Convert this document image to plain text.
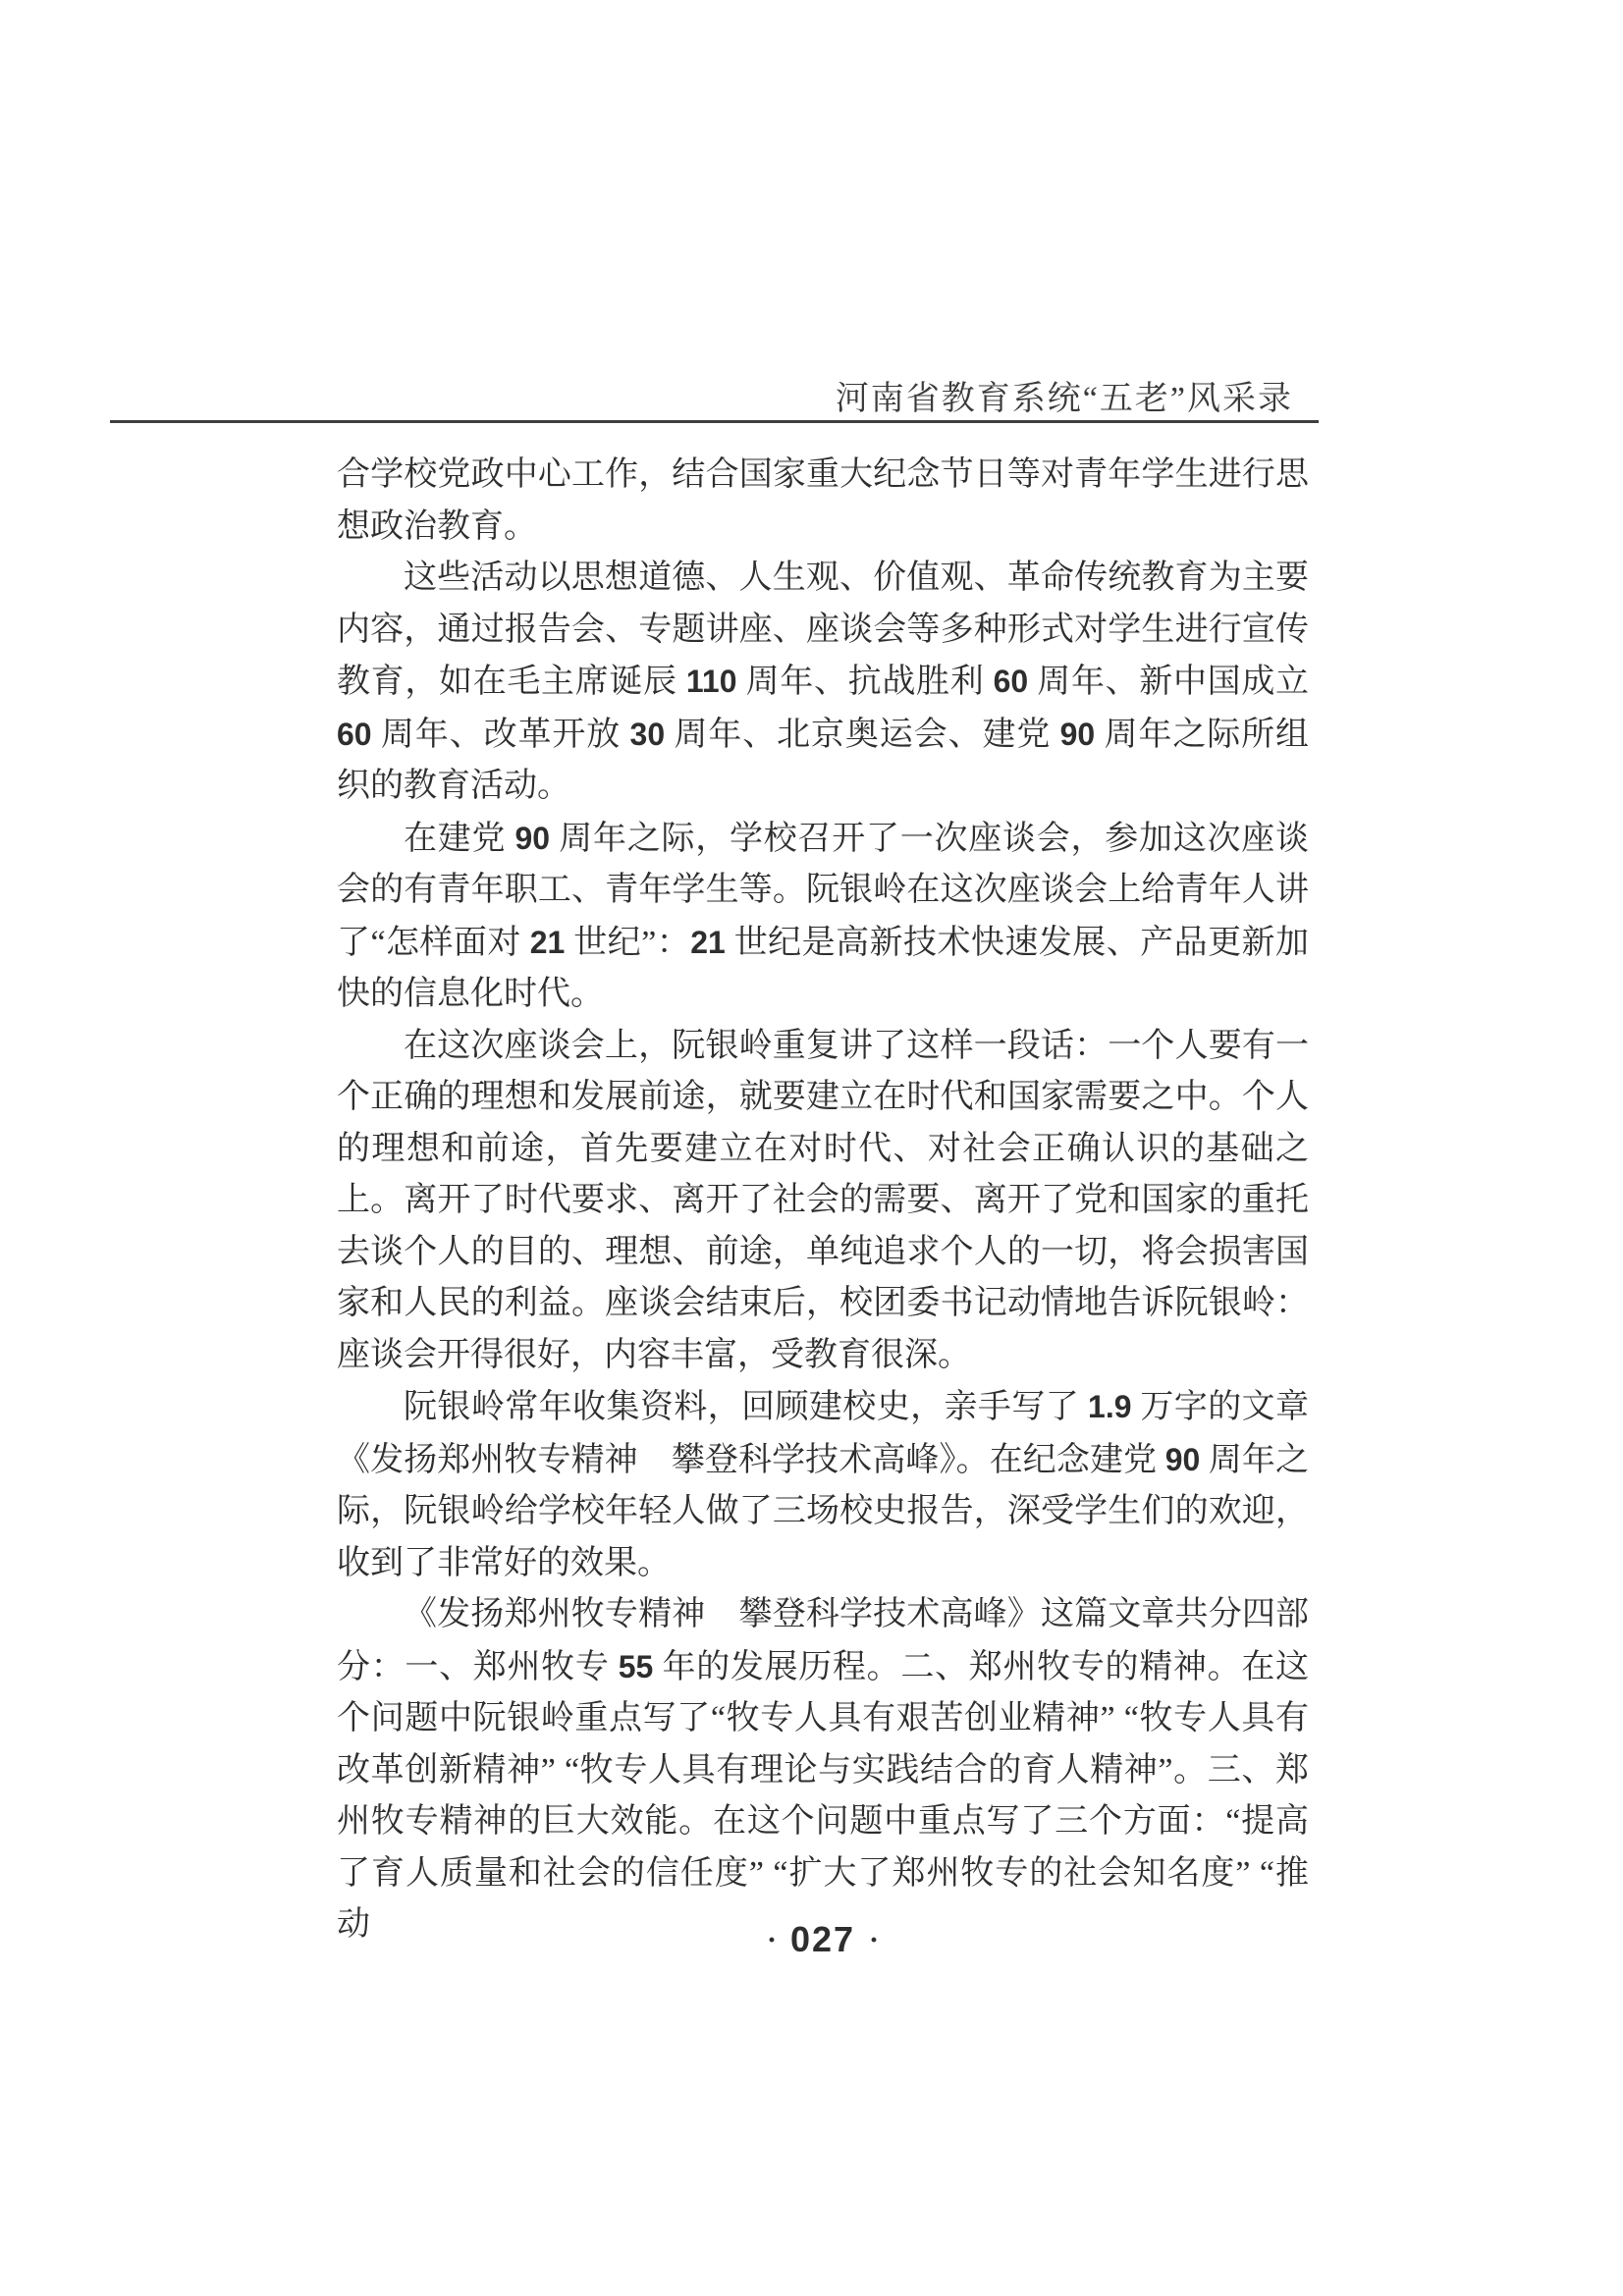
河南省教育系统“五老”风采录

合学校党政中心工作，结合国家重大纪念节日等对青年学生进行思想政治教育。

这些活动以思想道德、人生观、价值观、革命传统教育为主要内容，通过报告会、专题讲座、座谈会等多种形式对学生进行宣传教育，如在毛主席诞辰 110 周年、抗战胜利 60 周年、新中国成立 60 周年、改革开放 30 周年、北京奥运会、建党 90 周年之际所组织的教育活动。

在建党 90 周年之际，学校召开了一次座谈会，参加这次座谈会的有青年职工、青年学生等。阮银岭在这次座谈会上给青年人讲了“怎样面对 21 世纪”：21 世纪是高新技术快速发展、产品更新加快的信息化时代。

在这次座谈会上，阮银岭重复讲了这样一段话：一个人要有一个正确的理想和发展前途，就要建立在时代和国家需要之中。个人的理想和前途，首先要建立在对时代、对社会正确认识的基础之上。离开了时代要求、离开了社会的需要、离开了党和国家的重托去谈个人的目的、理想、前途，单纯追求个人的一切，将会损害国家和人民的利益。座谈会结束后，校团委书记动情地告诉阮银岭：座谈会开得很好，内容丰富，受教育很深。

阮银岭常年收集资料，回顾建校史，亲手写了 1.9 万字的文章《发扬郑州牧专精神　攀登科学技术高峰》。在纪念建党 90 周年之际，阮银岭给学校年轻人做了三场校史报告，深受学生们的欢迎，收到了非常好的效果。

《发扬郑州牧专精神　攀登科学技术高峰》这篇文章共分四部分：一、郑州牧专 55 年的发展历程。二、郑州牧专的精神。在这个问题中阮银岭重点写了“牧专人具有艰苦创业精神” “牧专人具有改革创新精神” “牧专人具有理论与实践结合的育人精神”。三、郑州牧专精神的巨大效能。在这个问题中重点写了三个方面：“提高了育人质量和社会的信任度” “扩大了郑州牧专的社会知名度” “推动	· 027 ·
